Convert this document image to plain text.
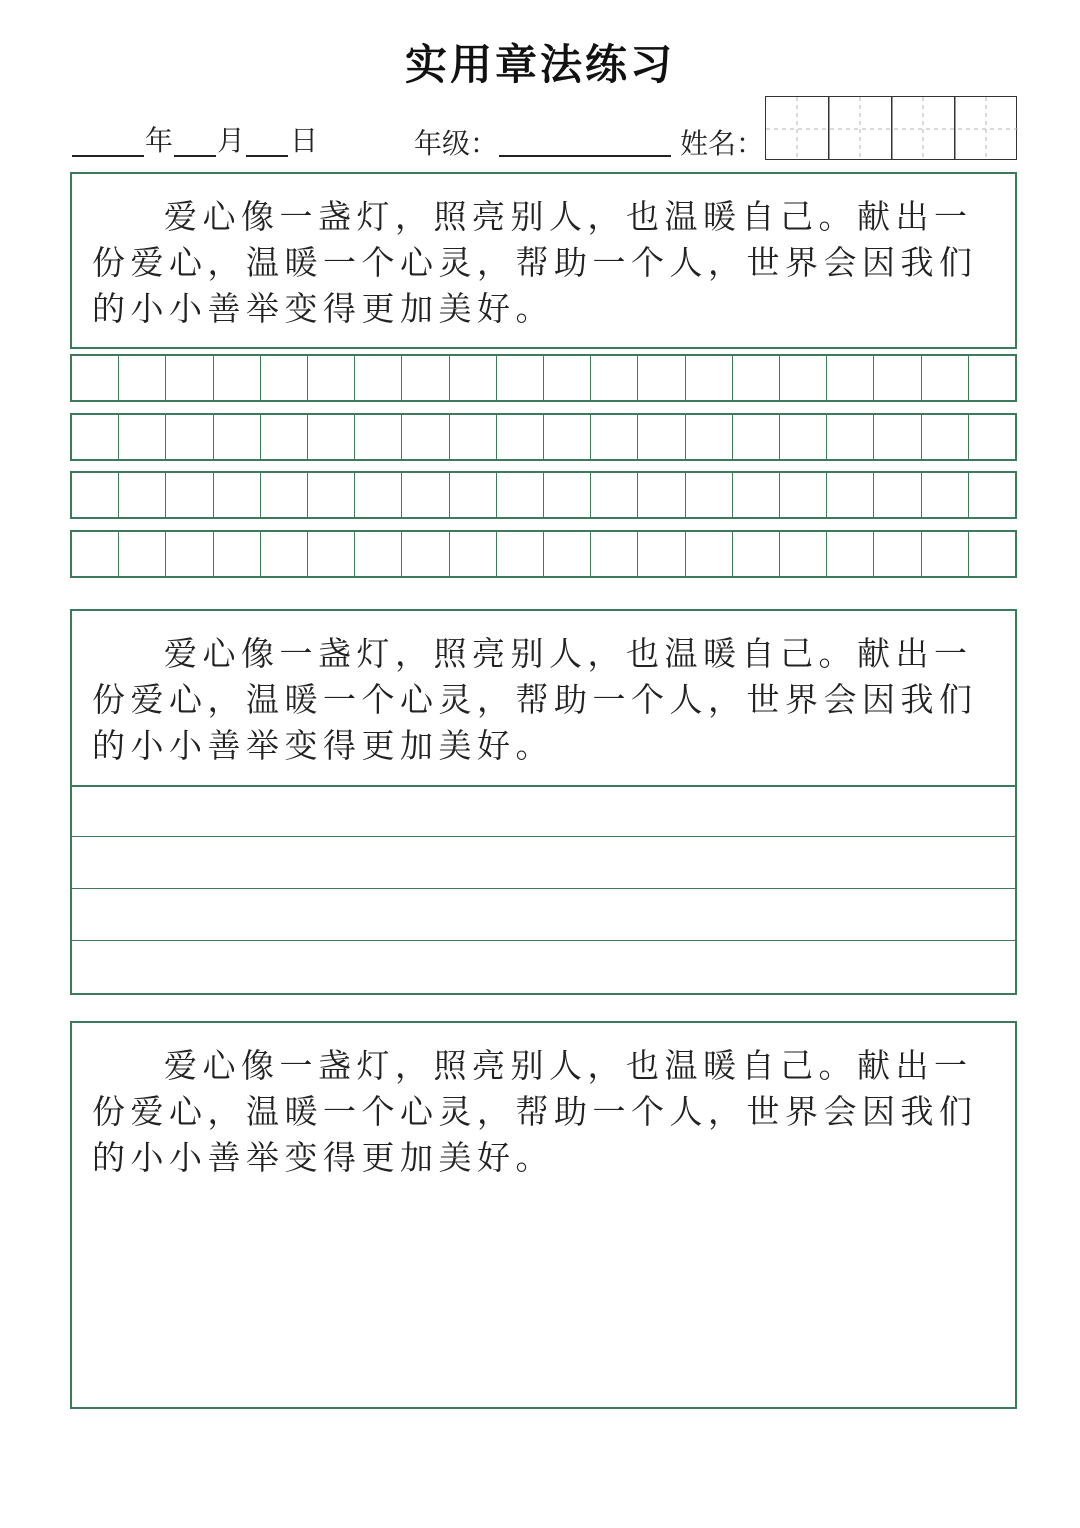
实用章法练习
年 月 日	年级：	姓名：
爱心像一盏灯，照亮别人，也温暖自己。献出一份爱心，温暖一个心灵，帮助一个人，世界会因我们的小小善举变得更加美好。
爱心像一盏灯，照亮别人，也温暖自己。献出一份爱心，温暖一个心灵，帮助一个人，世界会因我们的小小善举变得更加美好。
爱心像一盏灯，照亮别人，也温暖自己。献出一份爱心，温暖一个心灵，帮助一个人，世界会因我们的小小善举变得更加美好。
